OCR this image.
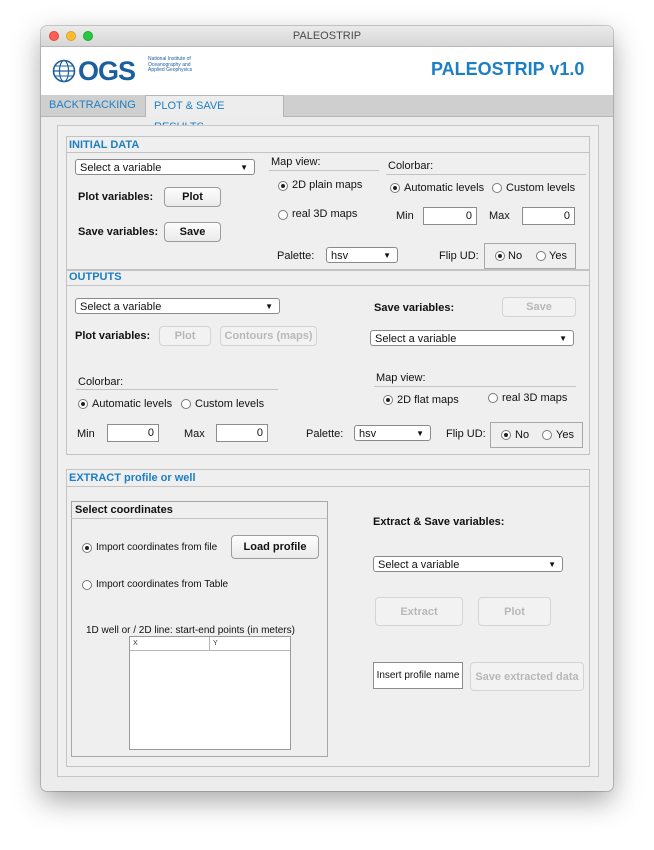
PALEOSTRIP
OGS	National Institute of Oceanography and Applied Geophysics	PALEOSTRIP v1.0
BACKTRACKING	PLOT & SAVE
INITIAL DATA
Select a variable	▼
Plot variables:	Plot
Save variables:	Save
Map view:
2D plain maps
real 3D maps
Colorbar:
Automatic levels Custom levels
Min	0	Max	0
Palette:	hsv	▼	Flip UD:	No Yes
OUTPUTS
Select a variable	▼
Plot variables:	Plot	Contours (maps)
Save variables:	Save
Select a variable	▼
Colorbar:
Automatic levels Custom levels
Map view:
2D flat maps	real 3D maps
Min	0	Max	0	Palette:	hsv	▼ Flip UD:	No Yes
EXTRACT profile or well
Select coordinates
Import coordinates from file	Load profile
Import coordinates from Table
1D well or / 2D line: start-end points (in meters)
X	Y
Extract & Save variables:
Select a variable	▼
Extract	Plot
Insert profile name	Save extracted data
